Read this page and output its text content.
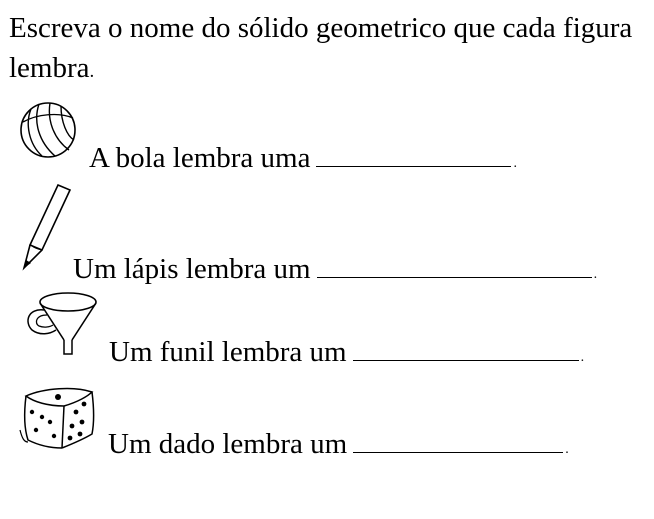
Escreva o nome do sólido geometrico que cada figura lembra.
A bola lembra uma	.
Um lápis lembra um	.
Um funil lembra um	.
Um dado lembra um	.
